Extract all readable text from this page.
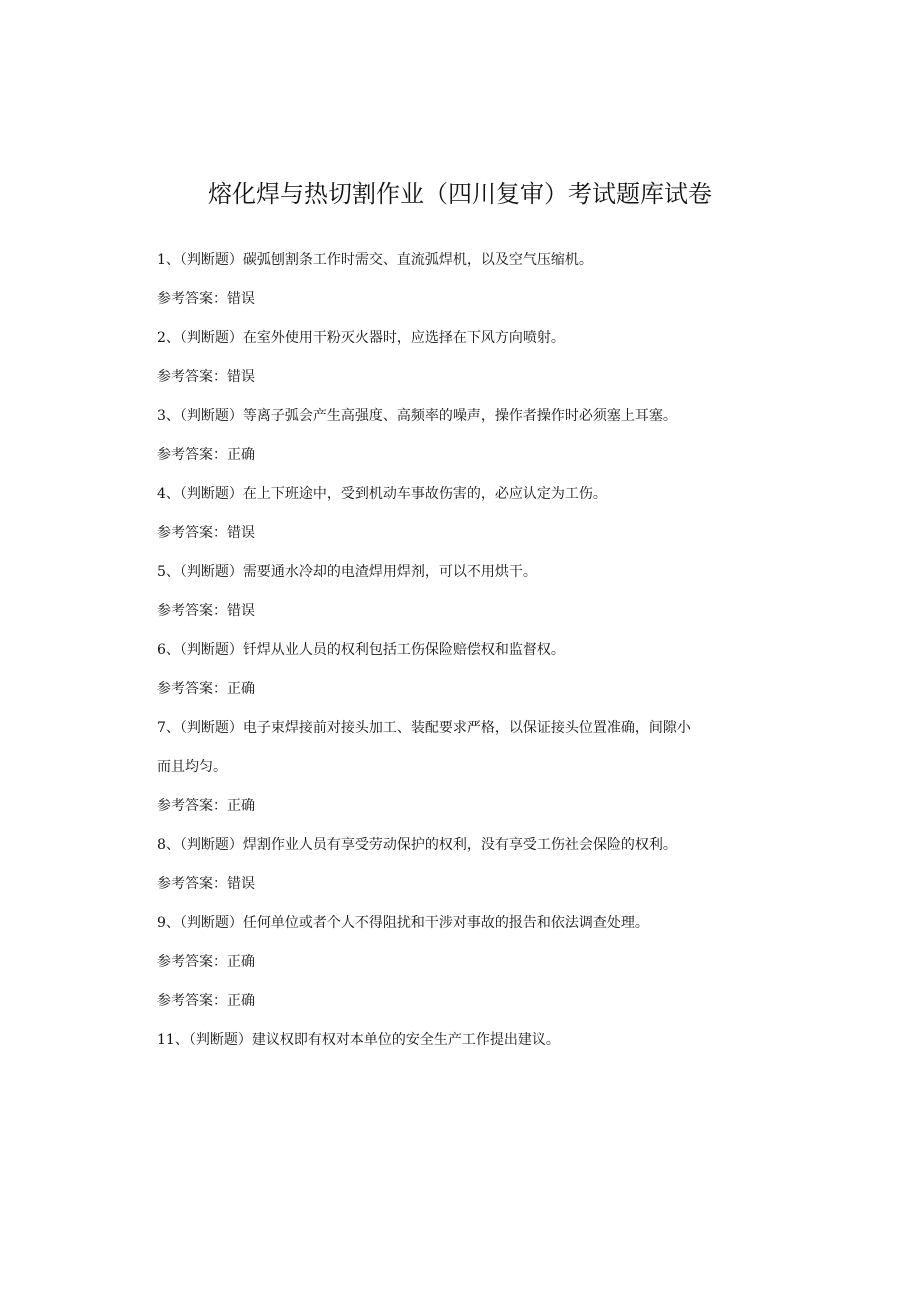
熔化焊与热切割作业（四川复审）考试题库试卷
1、（判断题）碳弧刨割条工作时需交、直流弧焊机，以及空气压缩机。
参考答案：错误
2、（判断题）在室外使用干粉灭火器时，应选择在下风方向喷射。
参考答案：错误
3、（判断题）等离子弧会产生高强度、高频率的噪声，操作者操作时必须塞上耳塞。
参考答案：正确
4、（判断题）在上下班途中，受到机动车事故伤害的，必应认定为工伤。
参考答案：错误
5、（判断题）需要通水冷却的电渣焊用焊剂，可以不用烘干。
参考答案：错误
6、（判断题）钎焊从业人员的权利包括工伤保险赔偿权和监督权。
参考答案：正确
7、（判断题）电子束焊接前对接头加工、装配要求严格，以保证接头位置准确，间隙小
而且均匀。
参考答案：正确
8、（判断题）焊割作业人员有享受劳动保护的权利，没有享受工伤社会保险的权利。
参考答案：错误
9、（判断题）任何单位或者个人不得阻扰和干涉对事故的报告和依法调查处理。
参考答案：正确
参考答案：正确
11、（判断题）建议权即有权对本单位的安全生产工作提出建议。
